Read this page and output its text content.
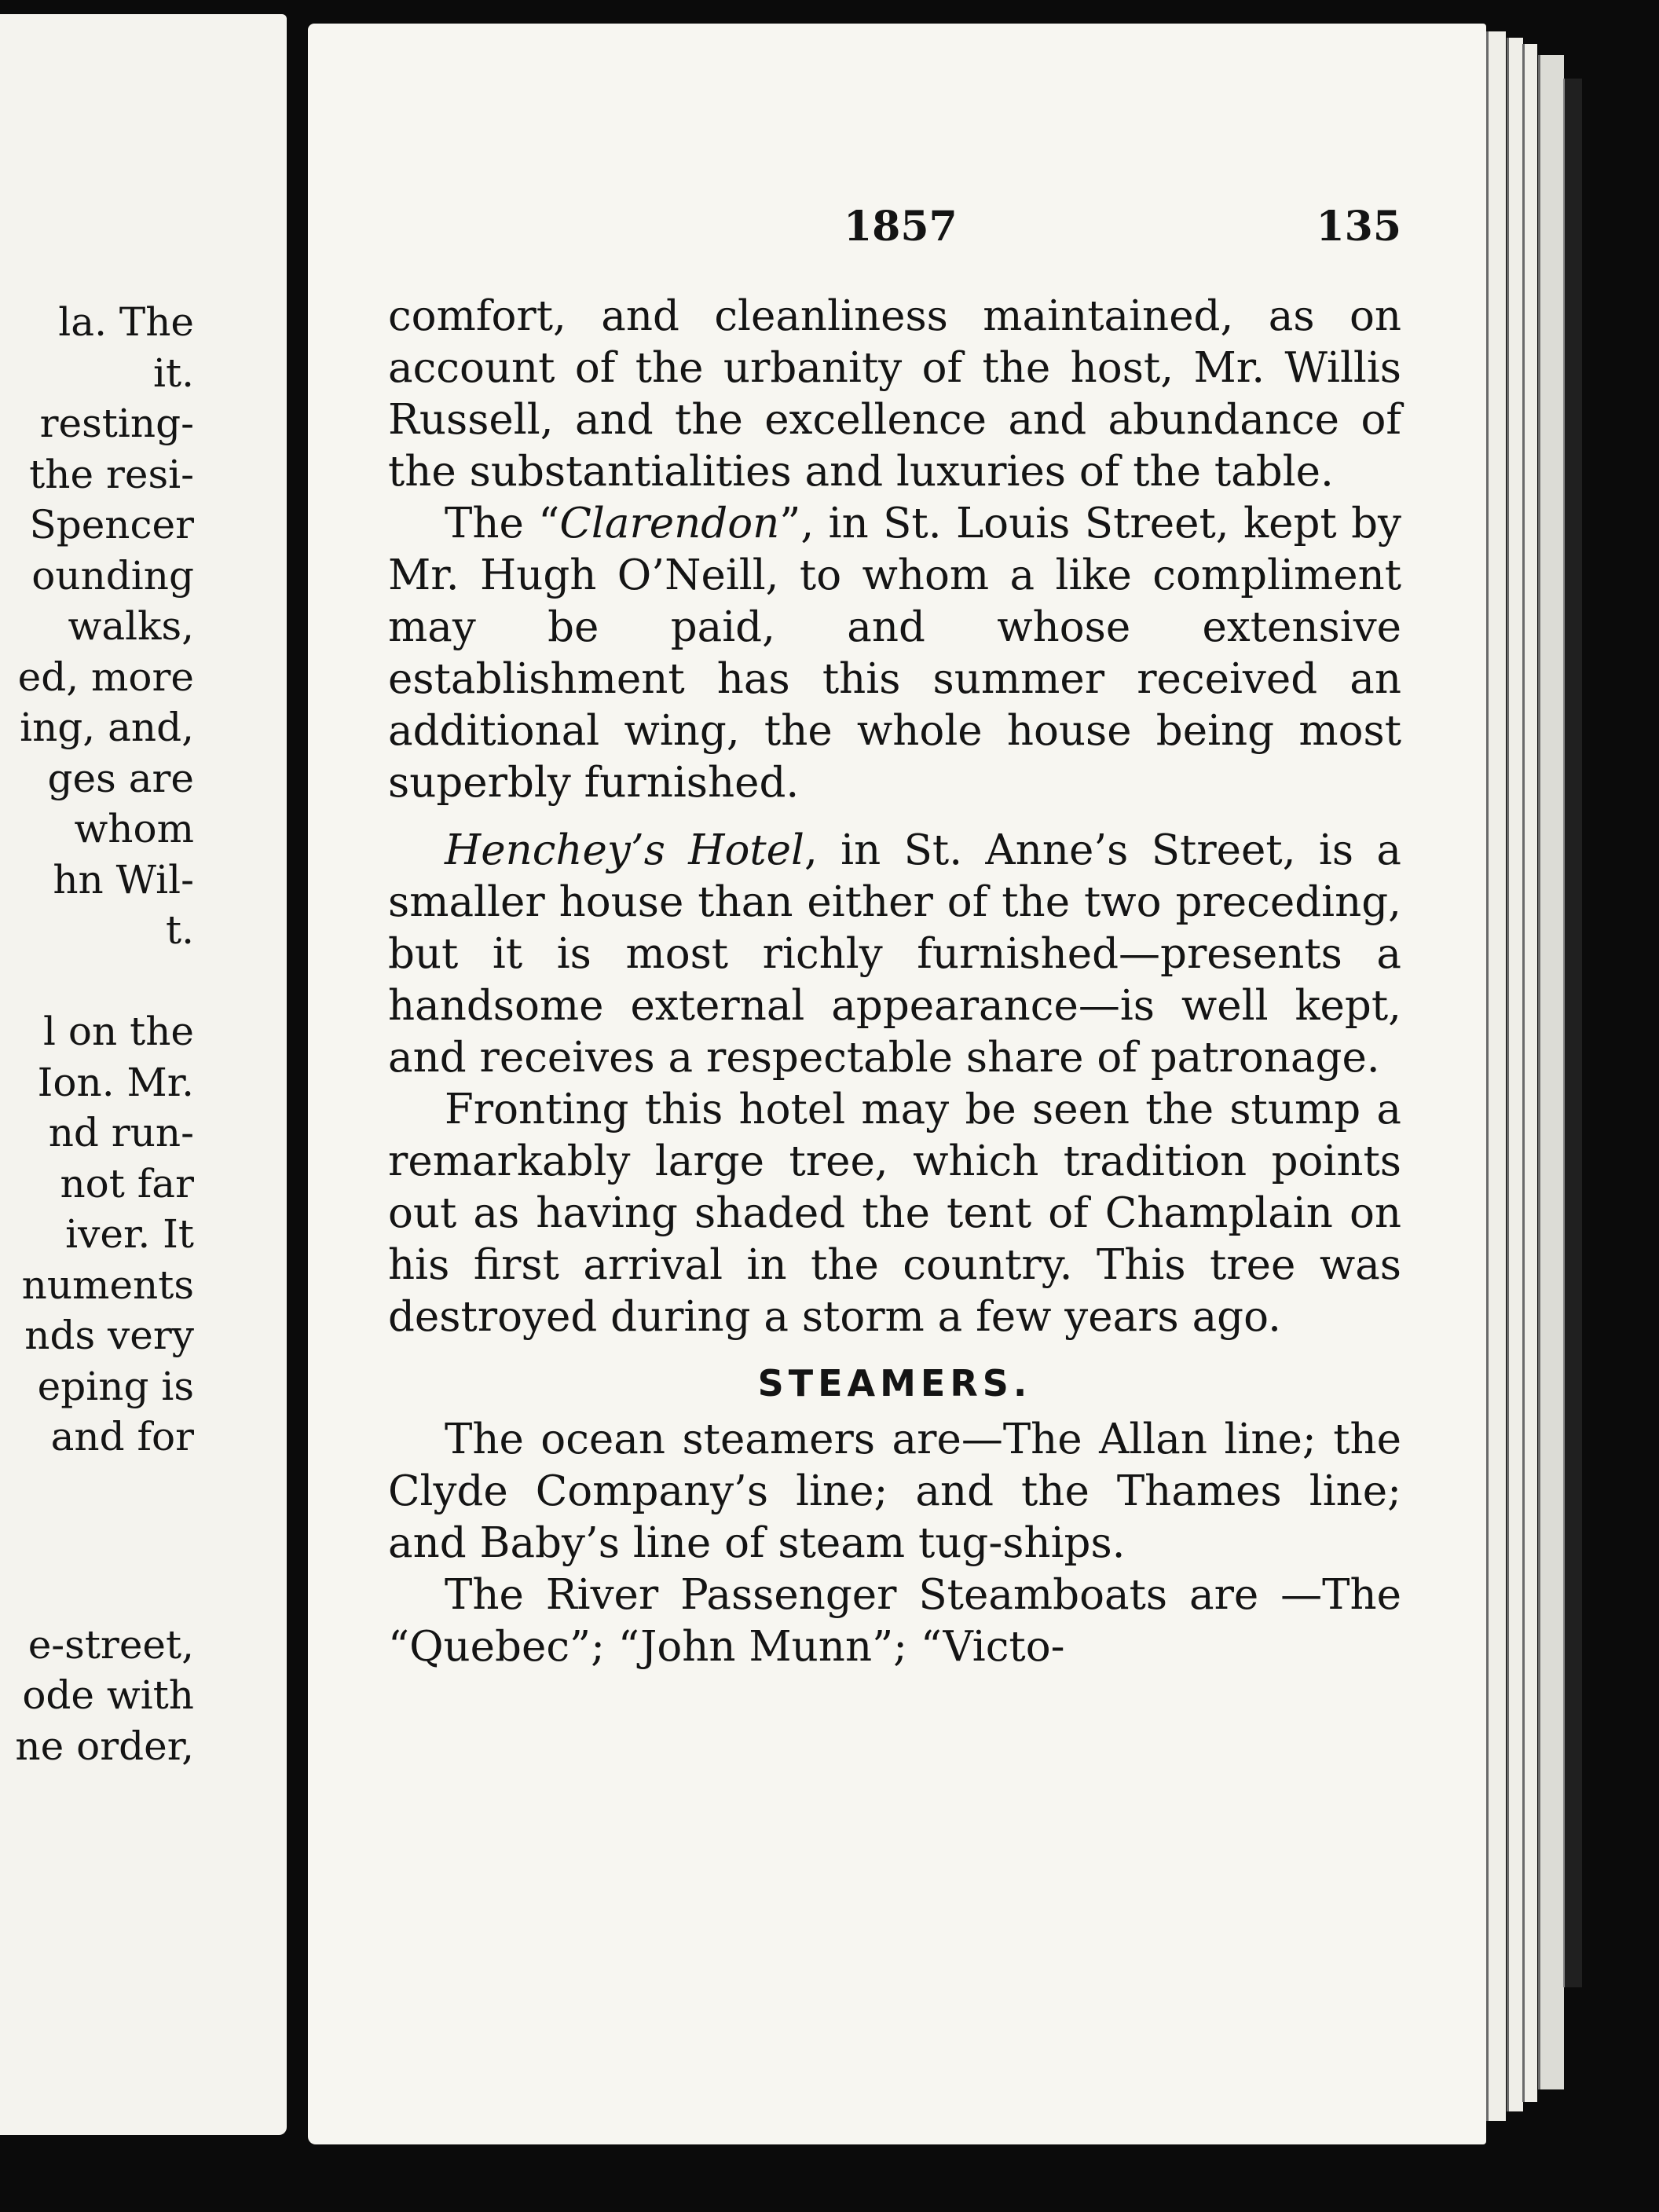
la. The
it.
resting-
the resi-
Spencer
ounding
walks,
ed, more
ing, and,
ges are
whom
hn Wil-
t.
l on the
Ion. Mr.
nd run-
not far
iver. It
numents
nds very
eping is
and for
e-street,
ode with
ne order,
1857	135

comfort, and cleanliness maintained, as on account of the urbanity of the host, Mr. Willis Russell, and the excellence and abundance of the substantialities and luxuries of the table.

The “Clarendon”, in St. Louis Street, kept by Mr. Hugh O’Neill, to whom a like compliment may be paid, and whose extensive establishment has this summer received an additional wing, the whole house being most superbly furnished.

Henchey’s Hotel, in St. Anne’s Street, is a smaller house than either of the two preceding, but it is most richly furnished—presents a handsome external appearance—is well kept, and receives a respectable share of patronage.

Fronting this hotel may be seen the stump a remarkably large tree, which tradition points out as having shaded the tent of Champlain on his first arrival in the country. This tree was destroyed during a storm a few years ago.

STEAMERS.

The ocean steamers are—The Allan line; the Clyde Company’s line; and the Thames line; and Baby’s line of steam tug-ships.

The River Passenger Steamboats are —The “Quebec”; “John Munn”; “Victo-
